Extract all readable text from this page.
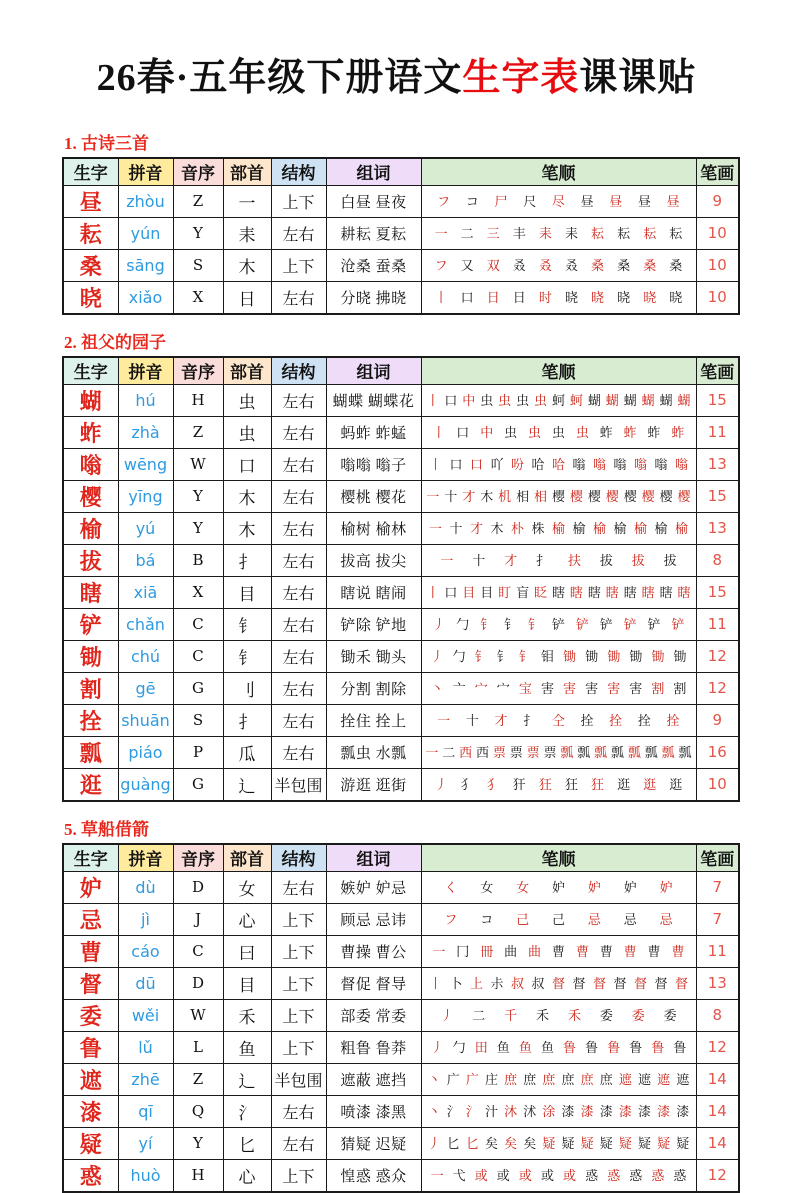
26春·五年级下册语文生字表课课贴
1. 古诗三首
生字	拼音	音序	部首	结构	组词	笔顺	笔画
昼	zhòu	Z	一	上下	白昼 昼夜	フ コ 尸 尺 尽 昼 昼 昼 昼	9
耘	yún	Y	耒	左右	耕耘 夏耘	一 二 三 丰 耒 耒 耘 耘 耘 耘	10
桑	sāng	S	木	上下	沧桑 蚕桑	フ 又 双 叒 叒 叒 桑 桑 桑 桑	10
晓	xiǎo	X	日	左右	分晓 拂晓	丨 口 日 日 时 晓 晓 晓 晓 晓	10
2. 祖父的园子
生字	拼音	音序	部首	结构	组词	笔顺	笔画
蝴	hú	H	虫	左右	蝴蝶 蝴蝶花	丨 口 中 虫 虫 虫 虫 蚵 蚵 蝴 蝴 蝴 蝴 蝴 蝴	15
蚱	zhà	Z	虫	左右	蚂蚱 蚱蜢	丨 口 中 虫 虫 虫 虫 蚱 蚱 蚱 蚱	11
嗡	wēng	W	口	左右	嗡嗡 嗡子	丨 口 口 吖 吩 哈 哈 嗡 嗡 嗡 嗡 嗡 嗡	13
樱	yīng	Y	木	左右	樱桃 樱花	一 十 才 木 机 相 相 樱 樱 樱 樱 樱 樱 樱 樱	15
榆	yú	Y	木	左右	榆树 榆林	一 十 才 木 朴 株 榆 榆 榆 榆 榆 榆 榆	13
拔	bá	B	扌	左右	拔高 拔尖	一 十 才 扌 扶 拔 拔 拔	8
瞎	xiā	X	目	左右	瞎说 瞎闹	丨 口 目 目 盯 盲 眨 瞎 瞎 瞎 瞎 瞎 瞎 瞎 瞎	15
铲	chǎn	C	钅	左右	铲除 铲地	丿 勹 钅 钅 钅 铲 铲 铲 铲 铲 铲	11
锄	chú	C	钅	左右	锄禾 锄头	丿 勹 钅 钅 钅 钼 锄 锄 锄 锄 锄 锄	12
割	gē	G	刂	左右	分割 割除	丶 亠 宀 宀 宝 害 害 害 害 害 割 割	12
拴	shuān	S	扌	左右	拴住 拴上	一 十 才 扌 仝 拴 拴 拴 拴	9
瓢	piáo	P	瓜	左右	瓢虫 水瓢	一 二 西 西 票 票 票 票 瓢 瓢 瓢 瓢 瓢 瓢 瓢 瓢	16
逛	guàng	G	辶	半包围	游逛 逛街	丿 犭 犭 犴 狂 狂 狂 逛 逛 逛	10
5. 草船借箭
生字	拼音	音序	部首	结构	组词	笔顺	笔画
妒	dù	D	女	左右	嫉妒 妒忌	く 女 女 妒 妒 妒 妒	7
忌	jì	J	心	上下	顾忌 忌讳	フ コ 己 己 忌 忌 忌	7
曹	cáo	C	曰	上下	曹操 曹公	一 冂 冊 曲 曲 曹 曹 曹 曹 曹 曹	11
督	dū	D	目	上下	督促 督导	丨 卜 上 尗 叔 叔 督 督 督 督 督 督 督	13
委	wěi	W	禾	上下	部委 常委	丿 二 千 禾 禾 委 委 委	8
鲁	lǔ	L	鱼	上下	粗鲁 鲁莽	丿 勹 田 鱼 鱼 鱼 鲁 鲁 鲁 鲁 鲁 鲁	12
遮	zhē	Z	辶	半包围	遮蔽 遮挡	丶 广 广 庄 庶 庶 庶 庶 庶 庶 遮 遮 遮 遮	14
漆	qī	Q	氵	左右	喷漆 漆黑	丶 氵 氵 汁 沐 沭 涂 漆 漆 漆 漆 漆 漆 漆	14
疑	yí	Y	匕	左右	猜疑 迟疑	丿 匕 匕 矣 矣 矣 疑 疑 疑 疑 疑 疑 疑 疑	14
惑	huò	H	心	上下	惶惑 惑众	一 弋 或 或 或 或 或 惑 惑 惑 惑 惑	12
